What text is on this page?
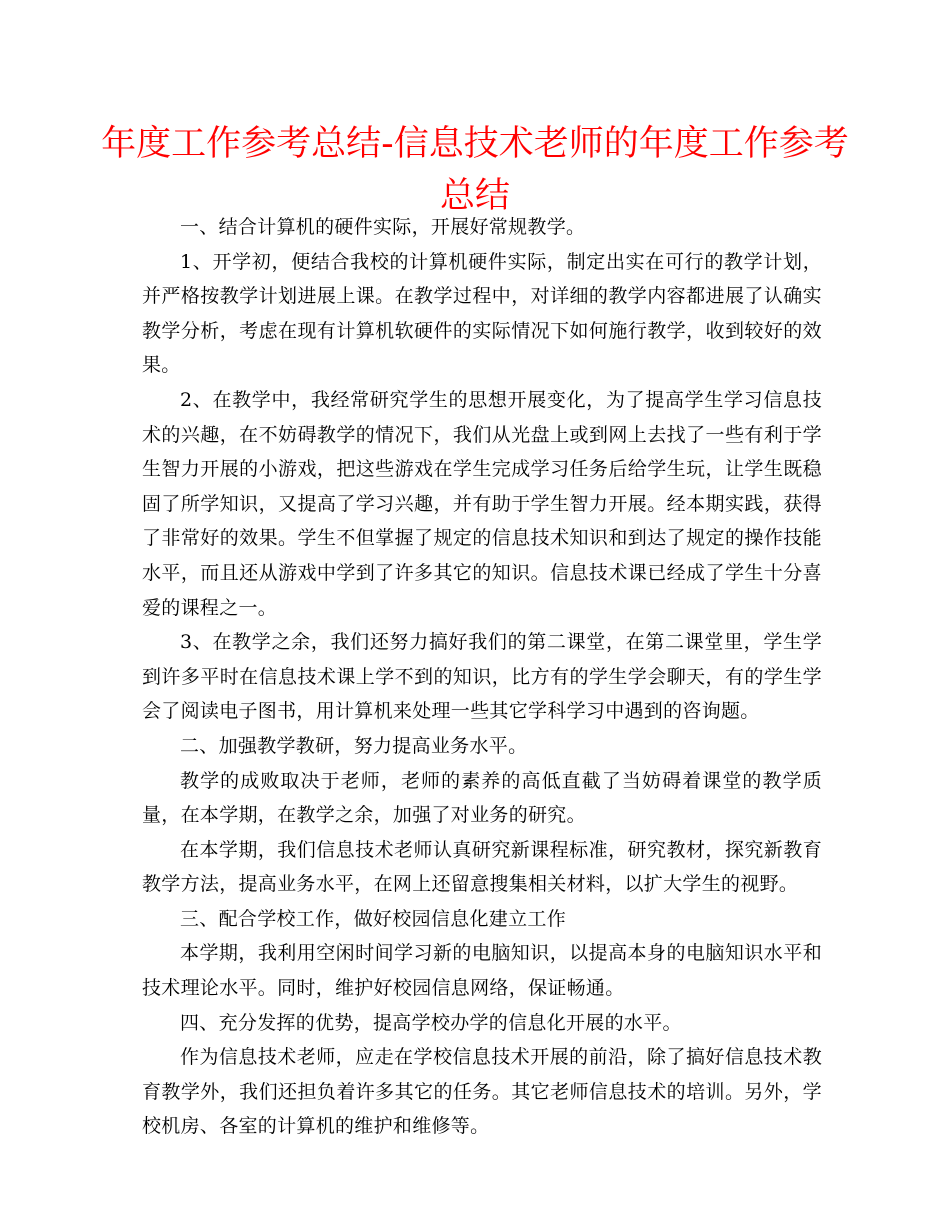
年度工作参考总结-信息技术老师的年度工作参考总结

一、结合计算机的硬件实际，开展好常规教学。

1、开学初，便结合我校的计算机硬件实际，制定出实在可行的教学计划，并严格按教学计划进展上课。在教学过程中，对详细的教学内容都进展了认确实教学分析，考虑在现有计算机软硬件的实际情况下如何施行教学，收到较好的效果。

2、在教学中，我经常研究学生的思想开展变化，为了提高学生学习信息技术的兴趣，在不妨碍教学的情况下，我们从光盘上或到网上去找了一些有利于学生智力开展的小游戏，把这些游戏在学生完成学习任务后给学生玩，让学生既稳固了所学知识，又提高了学习兴趣，并有助于学生智力开展。经本期实践，获得了非常好的效果。学生不但掌握了规定的信息技术知识和到达了规定的操作技能水平，而且还从游戏中学到了许多其它的知识。信息技术课已经成了学生十分喜爱的课程之一。

3、在教学之余，我们还努力搞好我们的第二课堂，在第二课堂里，学生学到许多平时在信息技术课上学不到的知识，比方有的学生学会聊天，有的学生学会了阅读电子图书，用计算机来处理一些其它学科学习中遇到的咨询题。

二、加强教学教研，努力提高业务水平。

教学的成败取决于老师，老师的素养的高低直截了当妨碍着课堂的教学质量，在本学期，在教学之余，加强了对业务的研究。

在本学期，我们信息技术老师认真研究新课程标准，研究教材，探究新教育教学方法，提高业务水平，在网上还留意搜集相关材料，以扩大学生的视野。

三、配合学校工作，做好校园信息化建立工作

本学期，我利用空闲时间学习新的电脑知识，以提高本身的电脑知识水平和技术理论水平。同时，维护好校园信息网络，保证畅通。

四、充分发挥的优势，提高学校办学的信息化开展的水平。

作为信息技术老师，应走在学校信息技术开展的前沿，除了搞好信息技术教育教学外，我们还担负着许多其它的任务。其它老师信息技术的培训。另外，学校机房、各室的计算机的维护和维修等。
